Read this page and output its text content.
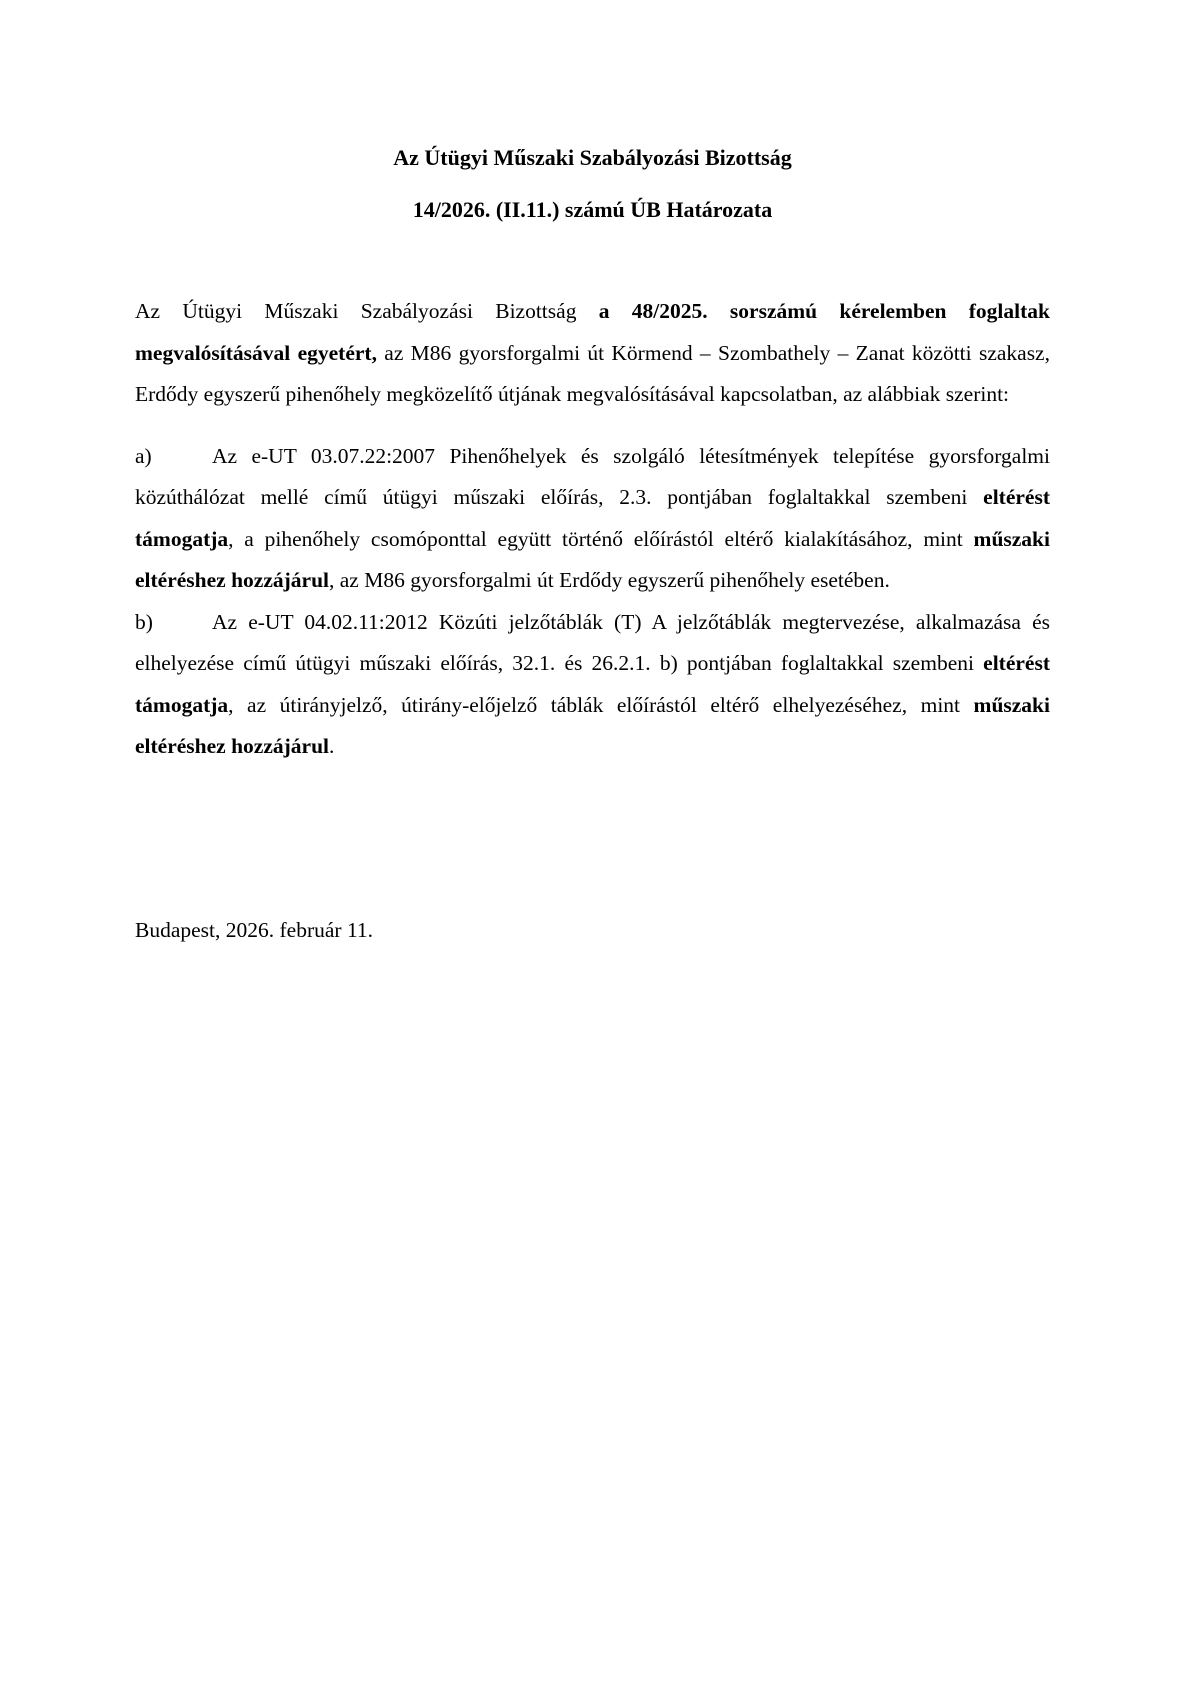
Az Útügyi Műszaki Szabályozási Bizottság
14/2026. (II.11.) számú ÚB Határozata

Az Útügyi Műszaki Szabályozási Bizottság a 48/2025. sorszámú kérelemben foglaltak megvalósításával egyetért, az M86 gyorsforgalmi út Körmend – Szombathely – Zanat közötti szakasz, Erdődy egyszerű pihenőhely megközelítő útjának megvalósításával kapcsolatban, az alábbiak szerint:

a)	Az e-UT 03.07.22:2007 Pihenőhelyek és szolgáló létesítmények telepítése gyorsforgalmi közúthálózat mellé című útügyi műszaki előírás, 2.3. pontjában foglaltakkal szembeni eltérést támogatja, a pihenőhely csomóponttal együtt történő előírástól eltérő kialakításához, mint műszaki eltéréshez hozzájárul, az M86 gyorsforgalmi út Erdődy egyszerű pihenőhely esetében.

b)	Az e-UT 04.02.11:2012 Közúti jelzőtáblák (T) A jelzőtáblák megtervezése, alkalmazása és elhelyezése című útügyi műszaki előírás, 32.1. és 26.2.1. b) pontjában foglaltakkal szembeni eltérést támogatja, az útirányjelző, útirány-előjelző táblák előírástól eltérő elhelyezéséhez, mint műszaki eltéréshez hozzájárul.

Budapest, 2026. február 11.
